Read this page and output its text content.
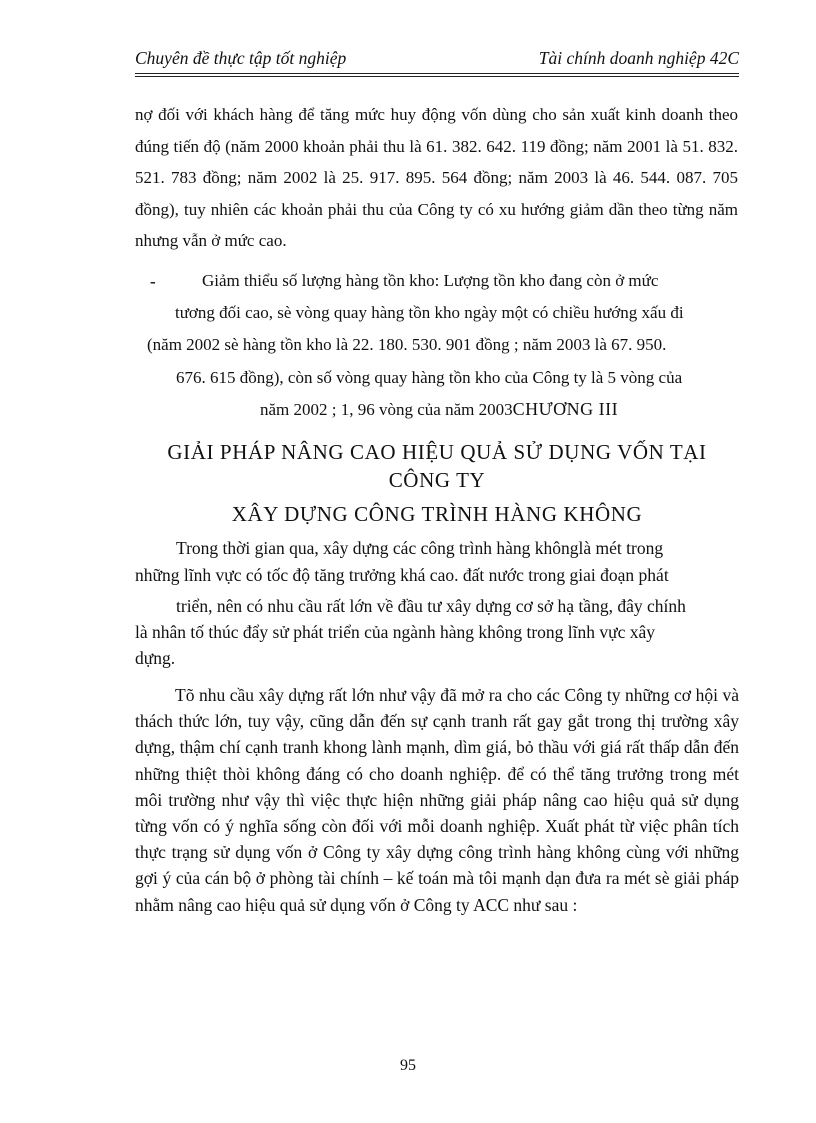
Chuyên đề thực tập tốt nghiệp	Tài chính doanh nghiệp 42C
nợ đối với khách hàng để tăng mức huy động vốn dùng cho sản xuất kinh doanh theo đúng tiến độ (năm 2000 khoản phải thu là 61. 382. 642. 119 đồng; năm 2001 là 51. 832. 521. 783 đồng; năm 2002 là 25. 917. 895. 564 đồng; năm 2003 là 46. 544. 087. 705 đồng), tuy nhiên các khoản phải thu của Công ty có xu hướng giảm dần theo từng năm nhưng vẫn ở mức cao.
-	Giảm thiểu số lượng hàng tồn kho: Lượng tồn kho đang còn ở mức
tương đối cao, sè vòng quay hàng tồn kho ngày một có chiều hướng xấu đi
(năm 2002 sè hàng tồn kho là 22. 180. 530. 901 đồng ; năm 2003 là 67. 950.
676. 615 đồng), còn số vòng quay hàng tồn kho của Công ty là 5 vòng của
năm 2002 ; 1, 96 vòng của năm 2003CHƯƠNG III
GIẢI PHÁP NÂNG CAO HIỆU QUẢ SỬ DỤNG VỐN TẠI
CÔNG TY
XÂY DỰNG CÔNG TRÌNH HÀNG KHÔNG
Trong thời gian qua, xây dựng các công trình hàng khônglà mét trong
những lĩnh vực có tốc độ tăng trưởng khá cao. đất nước trong giai đoạn phát
triển, nên có nhu cầu rất lớn về đầu tư xây dựng cơ sở hạ tầng, đây chính
là nhân tố thúc đẩy sử phát triển của ngành hàng không trong lĩnh vực xây
dựng.
Tõ nhu cầu xây dựng rất lớn như vậy đã mở ra cho các Công ty những cơ hội và thách thức lớn, tuy vậy, cũng dẫn đến sự cạnh tranh rất gay gắt trong thị trường xây dựng, thậm chí cạnh tranh khong lành mạnh, dìm giá, bỏ thầu với giá rất thấp dẫn đến những thiệt thòi không đáng có cho doanh nghiệp. để có thể tăng trưởng trong mét môi trường như vậy thì việc thực hiện những giải pháp nâng cao hiệu quả sử dụng từng vốn có ý nghĩa sống còn đối với mỗi doanh nghiệp. Xuất phát từ việc phân tích thực trạng sử dụng vốn ở Công ty xây dựng công trình hàng không cùng với những gợi ý của cán bộ ở phòng tài chính – kế toán mà tôi mạnh dạn đưa ra mét sè giải pháp nhằm nâng cao hiệu quả sử dụng vốn ở Công ty ACC như sau :
95
